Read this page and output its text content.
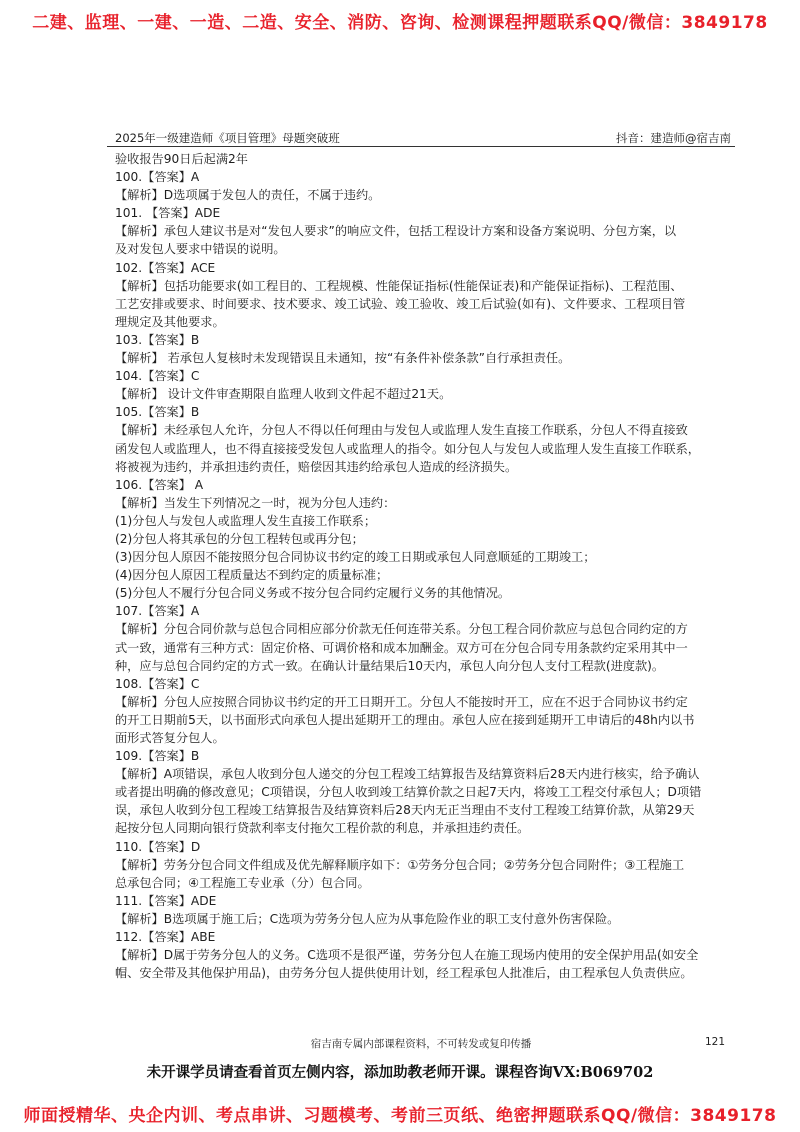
二建、监理、一建、一造、二造、安全、消防、咨询、检测课程押题联系QQ/微信：3849178
2025年一级建造师《项目管理》母题突破班	抖音：建造师@宿吉南

验收报告90日后起满2年

100.【答案】A

【解析】D选项属于发包人的责任，不属于违约。

101. 【答案】ADE

【解析】承包人建议书是对“发包人要求”的响应文件，包括工程设计方案和设备方案说明、分包方案，以

及对发包人要求中错误的说明。

102.【答案】ACE

【解析】包括功能要求(如工程目的、工程规模、性能保证指标(性能保证表)和产能保证指标)、工程范围、

工艺安排或要求、时间要求、技术要求、竣工试验、竣工验收、竣工后试验(如有)、文件要求、工程项目管

理规定及其他要求。

103.【答案】B

【解析】 若承包人复核时未发现错误且未通知，按“有条件补偿条款”自行承担责任。

104.【答案】C

【解析】 设计文件审查期限自监理人收到文件起不超过21天。

105.【答案】B

【解析】未经承包人允许，分包人不得以任何理由与发包人或监理人发生直接工作联系，分包人不得直接致

函发包人或监理人，也不得直接接受发包人或监理人的指令。如分包人与发包人或监理人发生直接工作联系，

将被视为违约，并承担违约责任，赔偿因其违约给承包人造成的经济损失。

106.【答案】 A

【解析】当发生下列情况之一时，视为分包人违约：

(1)分包人与发包人或监理人发生直接工作联系；

(2)分包人将其承包的分包工程转包或再分包；

(3)因分包人原因不能按照分包合同协议书约定的竣工日期或承包人同意顺延的工期竣工；

(4)因分包人原因工程质量达不到约定的质量标准；

(5)分包人不履行分包合同义务或不按分包合同约定履行义务的其他情况。

107.【答案】A

【解析】分包合同价款与总包合同相应部分价款无任何连带关系。分包工程合同价款应与总包合同约定的方

式一致，通常有三种方式：固定价格、可调价格和成本加酬金。双方可在分包合同专用条款约定采用其中一

种，应与总包合同约定的方式一致。在确认计量结果后10天内，承包人向分包人支付工程款(进度款)。

108.【答案】C

【解析】分包人应按照合同协议书约定的开工日期开工。分包人不能按时开工，应在不迟于合同协议书约定

的开工日期前5天，以书面形式向承包人提出延期开工的理由。承包人应在接到延期开工申请后的48h内以书

面形式答复分包人。

109.【答案】B

【解析】A项错误，承包人收到分包人递交的分包工程竣工结算报告及结算资料后28天内进行核实，给予确认

或者提出明确的修改意见；C项错误，分包人收到竣工结算价款之日起7天内，将竣工工程交付承包人；D项错

误，承包人收到分包工程竣工结算报告及结算资料后28天内无正当理由不支付工程竣工结算价款，从第29天

起按分包人同期向银行贷款利率支付拖欠工程价款的利息，并承担违约责任。

110.【答案】D

【解析】劳务分包合同文件组成及优先解释顺序如下：①劳务分包合同；②劳务分包合同附件；③工程施工

总承包合同；④工程施工专业承（分）包合同。

111.【答案】ADE

【解析】B选项属于施工后；C选项为劳务分包人应为从事危险作业的职工支付意外伤害保险。

112.【答案】ABE

【解析】D属于劳务分包人的义务。C选项不是很严谨，劳务分包人在施工现场内使用的安全保护用品(如安全

帽、安全带及其他保护用品)，由劳务分包人提供使用计划，经工程承包人批准后，由工程承包人负责供应。

宿吉南专属内部课程资料，不可转发或复印传播	121
未开课学员请查看首页左侧内容，添加助教老师开课。课程咨询VX:B069702
师面授精华、央企内训、考点串讲、习题模考、考前三页纸、绝密押题联系QQ/微信：3849178
